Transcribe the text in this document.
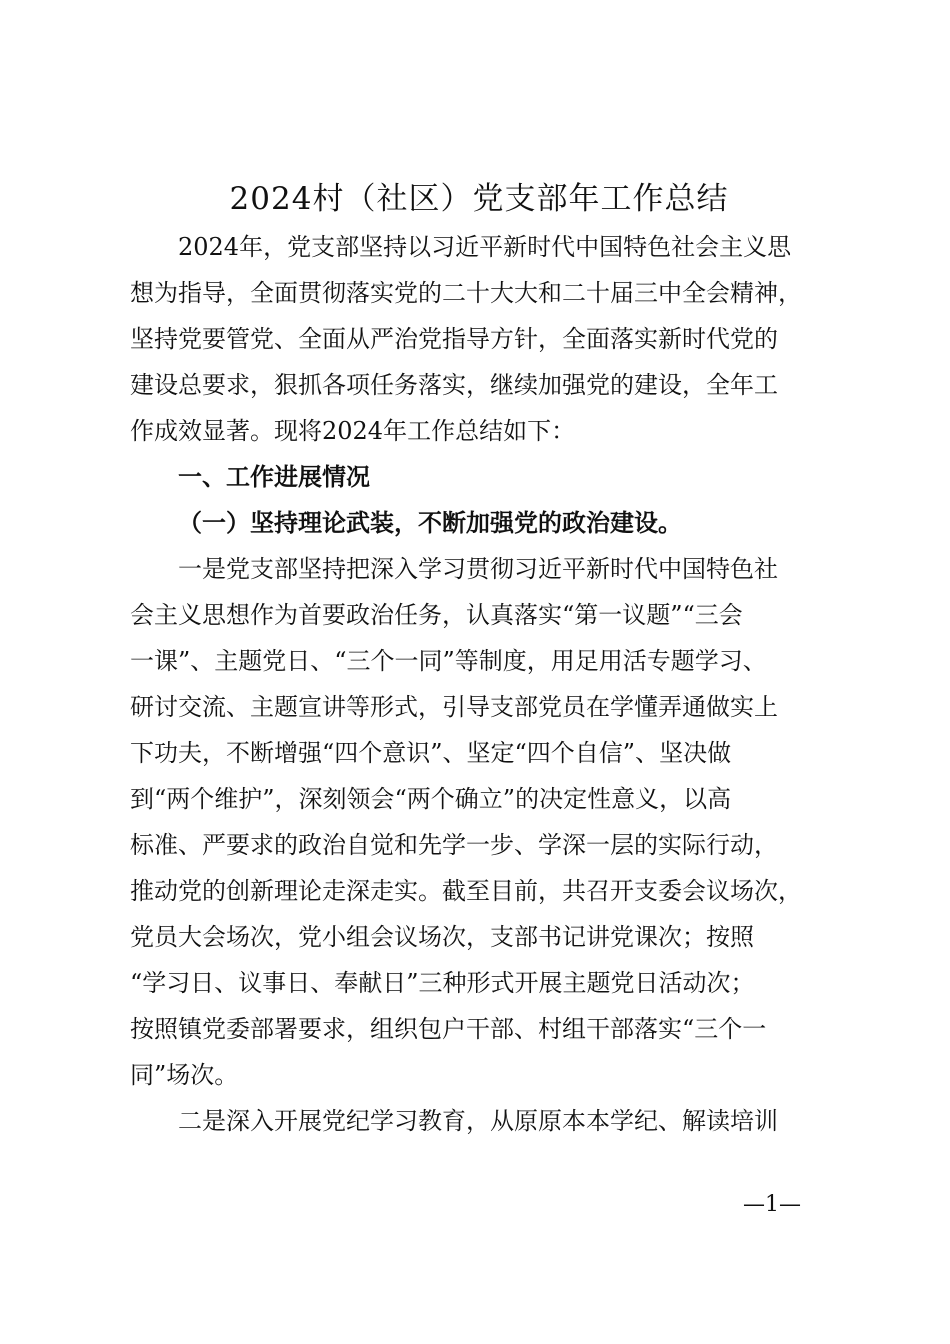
2024村（社区）党支部年工作总结

2024年，党支部坚持以习近平新时代中国特色社会主义思

想为指导，全面贯彻落实党的二十大大和二十届三中全会精神，

坚持党要管党、全面从严治党指导方针，全面落实新时代党的

建设总要求，狠抓各项任务落实，继续加强党的建设，全年工

作成效显著。现将2024年工作总结如下：

一、工作进展情况

（一）坚持理论武装，不断加强党的政治建设。

一是党支部坚持把深入学习贯彻习近平新时代中国特色社

会主义思想作为首要政治任务，认真落实“第一议题”“三会

一课”、主题党日、“三个一同”等制度，用足用活专题学习、

研讨交流、主题宣讲等形式，引导支部党员在学懂弄通做实上

下功夫，不断增强“四个意识”、坚定“四个自信”、坚决做

到“两个维护”，深刻领会“两个确立”的决定性意义，以高

标准、严要求的政治自觉和先学一步、学深一层的实际行动，

推动党的创新理论走深走实。截至目前，共召开支委会议场次，

党员大会场次，党小组会议场次，支部书记讲党课次；按照

“学习日、议事日、奉献日”三种形式开展主题党日活动次；

按照镇党委部署要求，组织包户干部、村组干部落实“三个一

同”场次。

二是深入开展党纪学习教育，从原原本本学纪、解读培训

—1—
